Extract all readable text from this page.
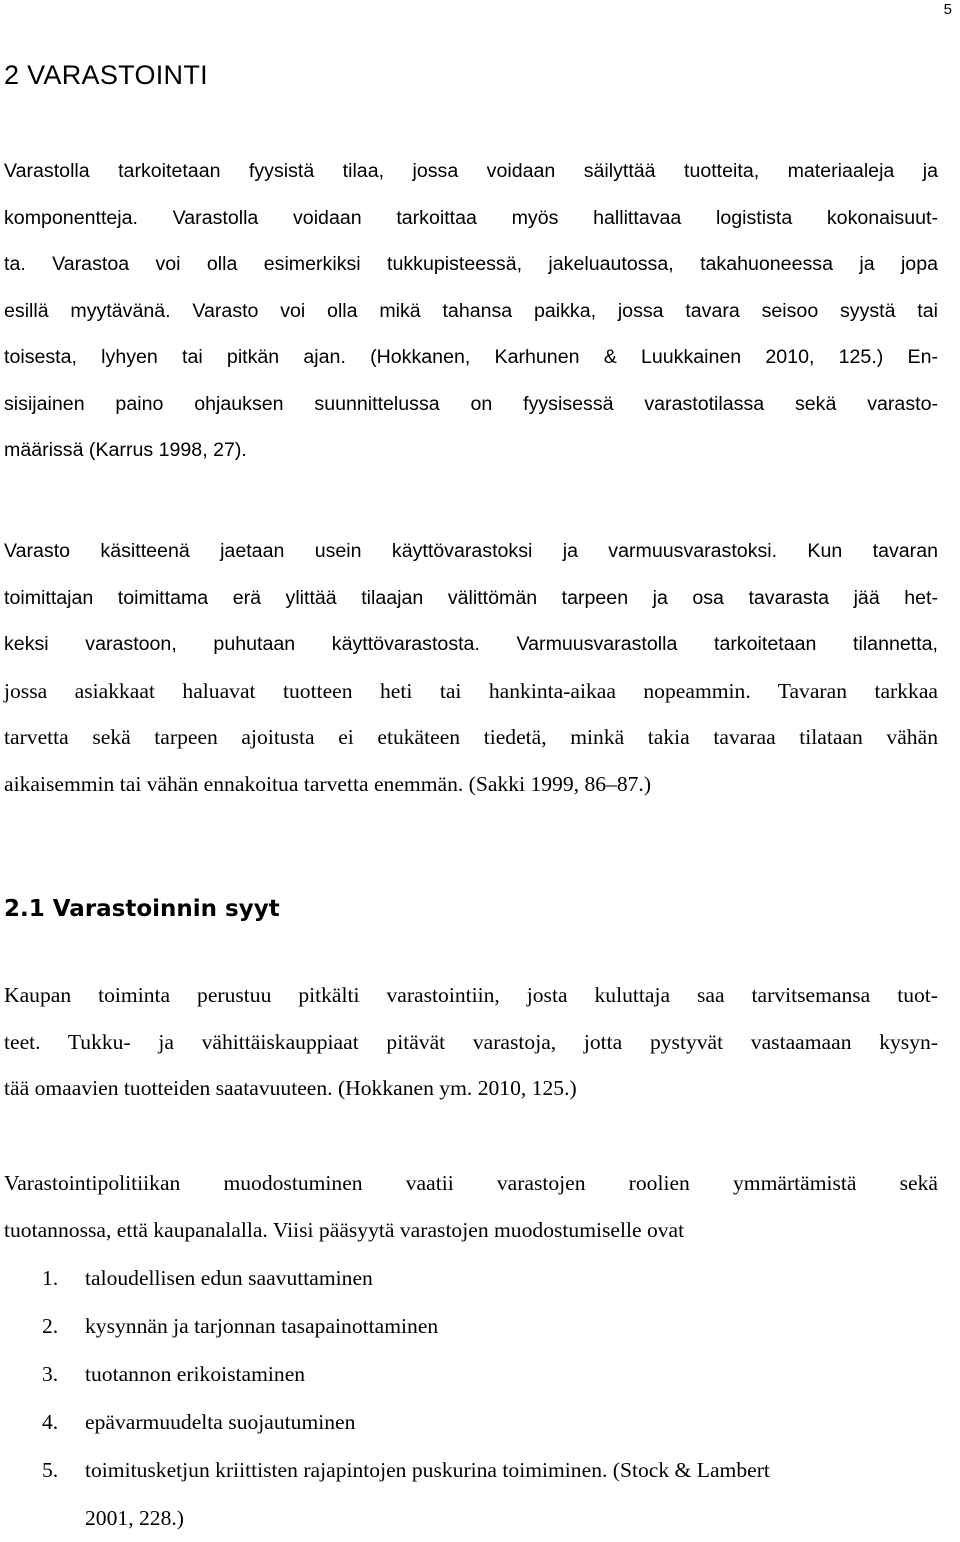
5
2 VARASTOINTI
Varastolla tarkoitetaan fyysistä tilaa, jossa voidaan säilyttää tuotteita, materiaaleja ja
komponentteja. Varastolla voidaan tarkoittaa myös hallittavaa logistista kokonaisuut-
ta. Varastoa voi olla esimerkiksi tukkupisteessä, jakeluautossa, takahuoneessa ja jopa
esillä myytävänä. Varasto voi olla mikä tahansa paikka, jossa tavara seisoo syystä tai
toisesta, lyhyen tai pitkän ajan. (Hokkanen, Karhunen & Luukkainen 2010, 125.) En-
sisijainen paino ohjauksen suunnittelussa on fyysisessä varastotilassa sekä varasto-
määrissä (Karrus 1998, 27).
Varasto käsitteenä jaetaan usein käyttövarastoksi ja varmuusvarastoksi. Kun tavaran
toimittajan toimittama erä ylittää tilaajan välittömän tarpeen ja osa tavarasta jää het-
keksi varastoon, puhutaan käyttövarastosta. Varmuusvarastolla tarkoitetaan tilannetta,
jossa asiakkaat haluavat tuotteen heti tai hankinta-aikaa nopeammin. Tavaran tarkkaa
tarvetta sekä tarpeen ajoitusta ei etukäteen tiedetä, minkä takia tavaraa tilataan vähän
aikaisemmin tai vähän ennakoitua tarvetta enemmän. (Sakki 1999, 86–87.)
2.1 Varastoinnin syyt
Kaupan toiminta perustuu pitkälti varastointiin, josta kuluttaja saa tarvitsemansa tuot-
teet. Tukku- ja vähittäiskauppiaat pitävät varastoja, jotta pystyvät vastaamaan kysyn-
tää omaavien tuotteiden saatavuuteen. (Hokkanen ym. 2010, 125.)
Varastointipolitiikan muodostuminen vaatii varastojen roolien ymmärtämistä sekä
tuotannossa, että kaupanalalla. Viisi pääsyytä varastojen muodostumiselle ovat
1. taloudellisen edun saavuttaminen
2. kysynnän ja tarjonnan tasapainottaminen
3. tuotannon erikoistaminen
4. epävarmuudelta suojautuminen
5. toimitusketjun kriittisten rajapintojen puskurina toimiminen. (Stock & Lambert
2001, 228.)
